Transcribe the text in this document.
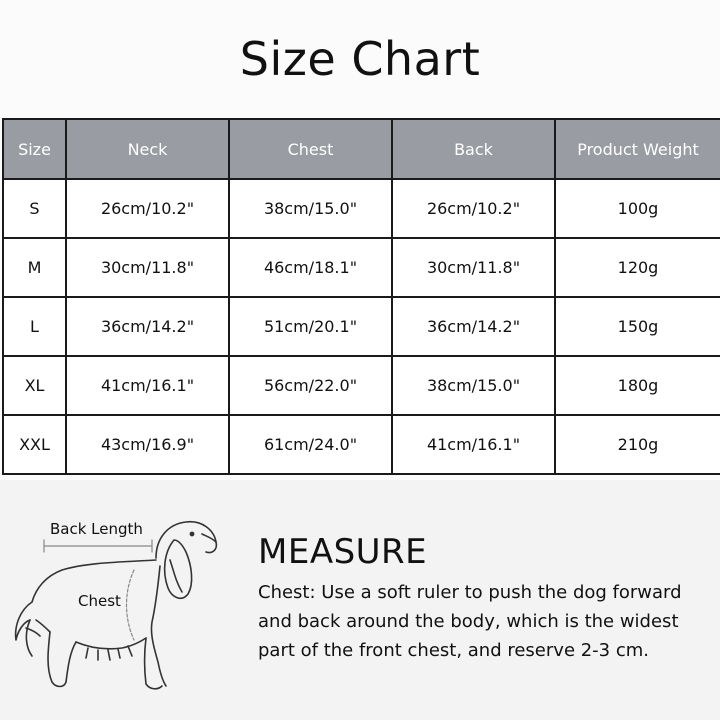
Size Chart
Size	Neck	Chest	Back	Product Weight
S	26cm/10.2"	38cm/15.0"	26cm/10.2"	100g
M	30cm/11.8"	46cm/18.1"	30cm/11.8"	120g
L	36cm/14.2"	51cm/20.1"	36cm/14.2"	150g
XL	41cm/16.1"	56cm/22.0"	38cm/15.0"	180g
XXL	43cm/16.9"	61cm/24.0"	41cm/16.1"	210g
Back Length
Chest
MEASURE
Chest: Use a soft ruler to push the dog forward and back around the body, which is the widest part of the front chest, and reserve 2-3 cm.
